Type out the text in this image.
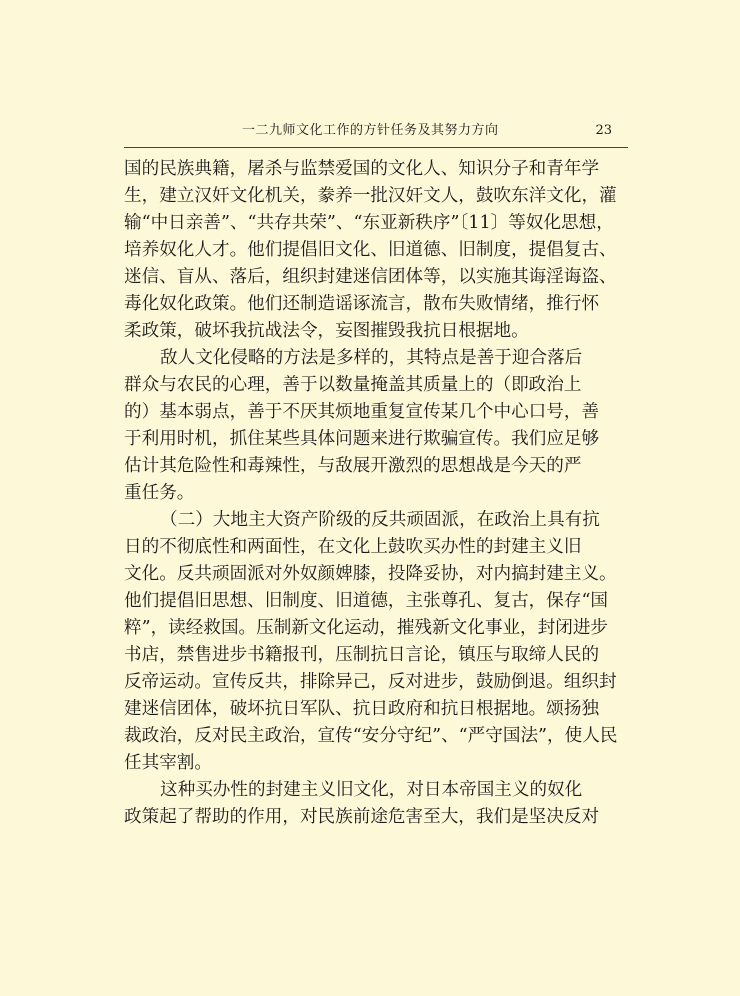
一二九师文化工作的方针任务及其努力方向	23
国的民族典籍，屠杀与监禁爱国的文化人、知识分子和青年学
生，建立汉奸文化机关，豢养一批汉奸文人，鼓吹东洋文化，灌
输“中日亲善”、“共存共荣”、“东亚新秩序”〔11〕等奴化思想，
培养奴化人才。他们提倡旧文化、旧道德、旧制度，提倡复古、
迷信、盲从、落后，组织封建迷信团体等，以实施其诲淫诲盗、
毒化奴化政策。他们还制造谣诼流言，散布失败情绪，推行怀
柔政策，破坏我抗战法令，妄图摧毁我抗日根据地。
敌人文化侵略的方法是多样的，其特点是善于迎合落后
群众与农民的心理，善于以数量掩盖其质量上的（即政治上
的）基本弱点，善于不厌其烦地重复宣传某几个中心口号，善
于利用时机，抓住某些具体问题来进行欺骗宣传。我们应足够
估计其危险性和毒辣性，与敌展开激烈的思想战是今天的严
重任务。
（二）大地主大资产阶级的反共顽固派，在政治上具有抗
日的不彻底性和两面性，在文化上鼓吹买办性的封建主义旧
文化。反共顽固派对外奴颜婢膝，投降妥协，对内搞封建主义。
他们提倡旧思想、旧制度、旧道德，主张尊孔、复古，保存“国
粹”，读经救国。压制新文化运动，摧残新文化事业，封闭进步
书店，禁售进步书籍报刊，压制抗日言论，镇压与取缔人民的
反帝运动。宣传反共，排除异己，反对进步，鼓励倒退。组织封
建迷信团体，破坏抗日军队、抗日政府和抗日根据地。颂扬独
裁政治，反对民主政治，宣传“安分守纪”、“严守国法”，使人民
任其宰割。
这种买办性的封建主义旧文化，对日本帝国主义的奴化
政策起了帮助的作用，对民族前途危害至大，我们是坚决反对
